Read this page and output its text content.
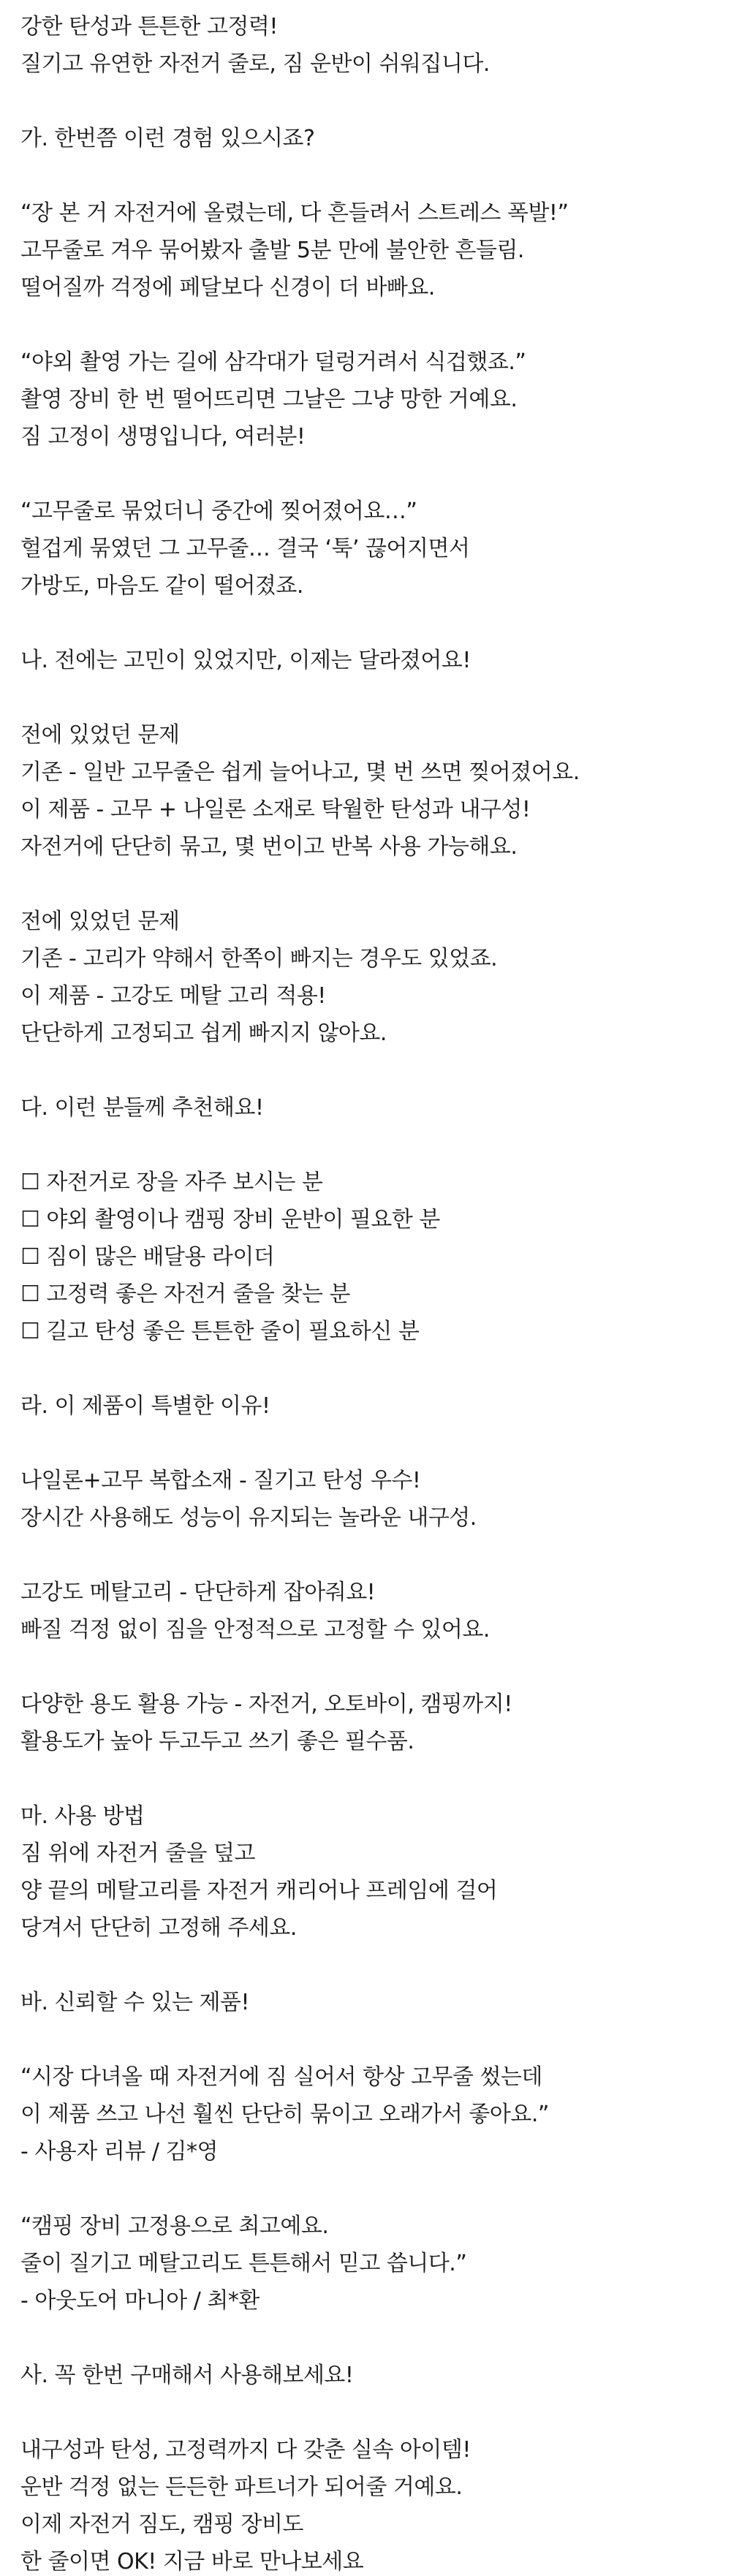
강한 탄성과 튼튼한 고정력!
질기고 유연한 자전거 줄로, 짐 운반이 쉬워집니다.
가. 한번쯤 이런 경험 있으시죠?
“장 본 거 자전거에 올렸는데, 다 흔들려서 스트레스 폭발!”
고무줄로 겨우 묶어봤자 출발 5분 만에 불안한 흔들림.
떨어질까 걱정에 페달보다 신경이 더 바빠요.
“야외 촬영 가는 길에 삼각대가 덜렁거려서 식겁했죠.”
촬영 장비 한 번 떨어뜨리면 그날은 그냥 망한 거예요.
짐 고정이 생명입니다, 여러분!
“고무줄로 묶었더니 중간에 찢어졌어요…”
헐겁게 묶였던 그 고무줄… 결국 ‘툭’ 끊어지면서
가방도, 마음도 같이 떨어졌죠.
나. 전에는 고민이 있었지만, 이제는 달라졌어요!
전에 있었던 문제
기존 - 일반 고무줄은 쉽게 늘어나고, 몇 번 쓰면 찢어졌어요.
이 제품 - 고무 + 나일론 소재로 탁월한 탄성과 내구성!
자전거에 단단히 묶고, 몇 번이고 반복 사용 가능해요.
전에 있었던 문제
기존 - 고리가 약해서 한쪽이 빠지는 경우도 있었죠.
이 제품 - 고강도 메탈 고리 적용!
단단하게 고정되고 쉽게 빠지지 않아요.
다. 이런 분들께 추천해요!
☐ 자전거로 장을 자주 보시는 분
☐ 야외 촬영이나 캠핑 장비 운반이 필요한 분
☐ 짐이 많은 배달용 라이더
☐ 고정력 좋은 자전거 줄을 찾는 분
☐ 길고 탄성 좋은 튼튼한 줄이 필요하신 분
라. 이 제품이 특별한 이유!
나일론+고무 복합소재 - 질기고 탄성 우수!
장시간 사용해도 성능이 유지되는 놀라운 내구성.
고강도 메탈고리 - 단단하게 잡아줘요!
빠질 걱정 없이 짐을 안정적으로 고정할 수 있어요.
다양한 용도 활용 가능 - 자전거, 오토바이, 캠핑까지!
활용도가 높아 두고두고 쓰기 좋은 필수품.
마. 사용 방법
짐 위에 자전거 줄을 덮고
양 끝의 메탈고리를 자전거 캐리어나 프레임에 걸어
당겨서 단단히 고정해 주세요.
바. 신뢰할 수 있는 제품!
“시장 다녀올 때 자전거에 짐 실어서 항상 고무줄 썼는데
이 제품 쓰고 나선 훨씬 단단히 묶이고 오래가서 좋아요.”
- 사용자 리뷰 / 김*영
“캠핑 장비 고정용으로 최고예요.
줄이 질기고 메탈고리도 튼튼해서 믿고 씁니다.”
- 아웃도어 마니아 / 최*환
사. 꼭 한번 구매해서 사용해보세요!
내구성과 탄성, 고정력까지 다 갖춘 실속 아이템!
운반 걱정 없는 든든한 파트너가 되어줄 거예요.
이제 자전거 짐도, 캠핑 장비도
한 줄이면 OK! 지금 바로 만나보세요
